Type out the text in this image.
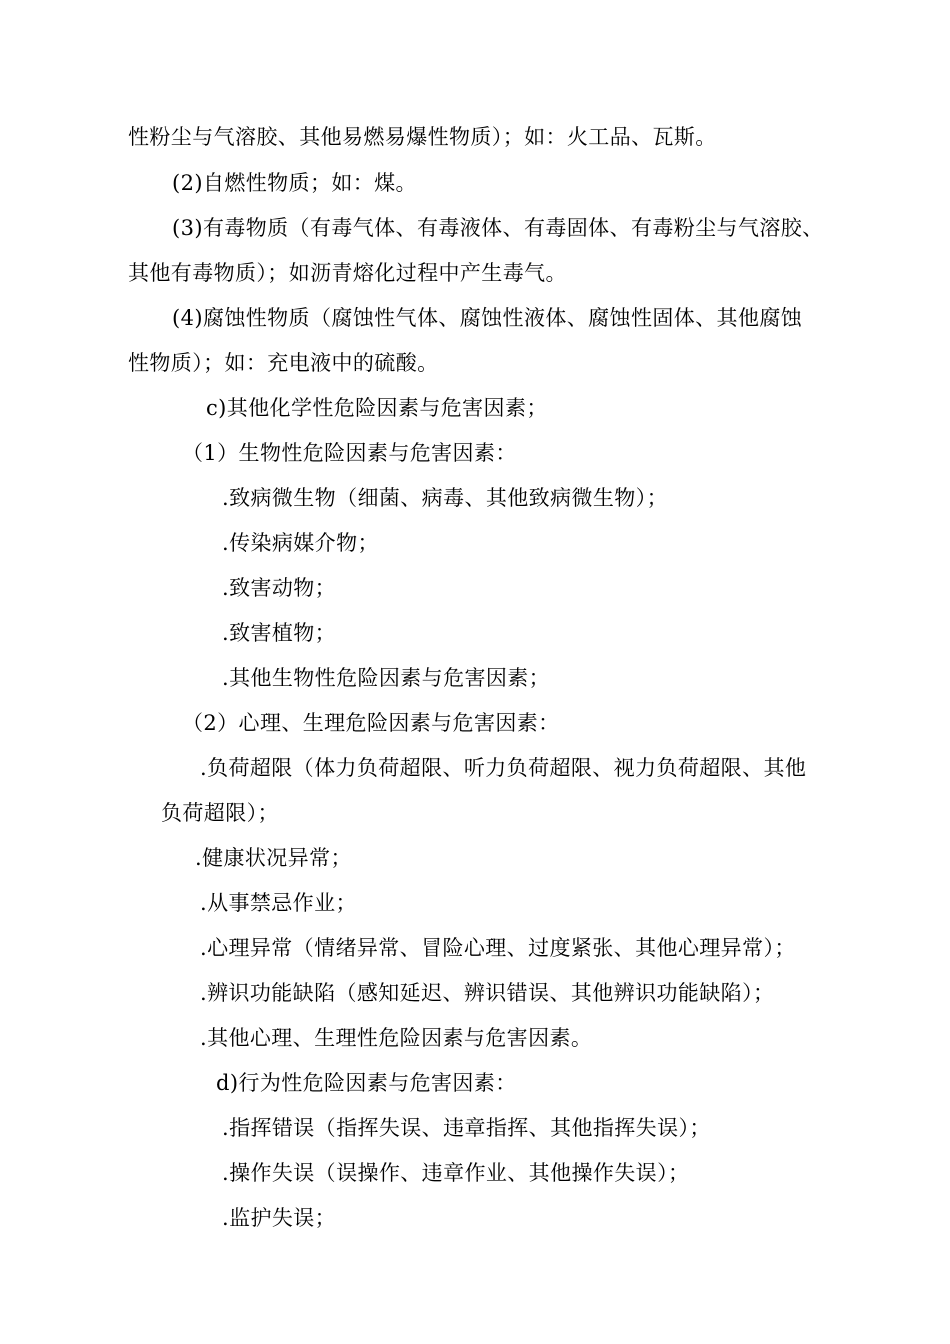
性粉尘与气溶胶、其他易燃易爆性物质）；如：火工品、瓦斯。
(2)自燃性物质；如：煤。
(3)有毒物质（有毒气体、有毒液体、有毒固体、有毒粉尘与气溶胶、
其他有毒物质）；如沥青熔化过程中产生毒气。
(4)腐蚀性物质（腐蚀性气体、腐蚀性液体、腐蚀性固体、其他腐蚀
性物质）；如：充电液中的硫酸。
c)其他化学性危险因素与危害因素；
（1）生物性危险因素与危害因素：
.致病微生物（细菌、病毒、其他致病微生物）；
.传染病媒介物；
.致害动物；
.致害植物；
.其他生物性危险因素与危害因素；
（2）心理、生理危险因素与危害因素：
.负荷超限（体力负荷超限、听力负荷超限、视力负荷超限、其他
负荷超限）；
.健康状况异常；
.从事禁忌作业；
.心理异常（情绪异常、冒险心理、过度紧张、其他心理异常）；
.辨识功能缺陷（感知延迟、辨识错误、其他辨识功能缺陷）；
.其他心理、生理性危险因素与危害因素。
d)行为性危险因素与危害因素：
.指挥错误（指挥失误、违章指挥、其他指挥失误）；
.操作失误（误操作、违章作业、其他操作失误）；
.监护失误；
